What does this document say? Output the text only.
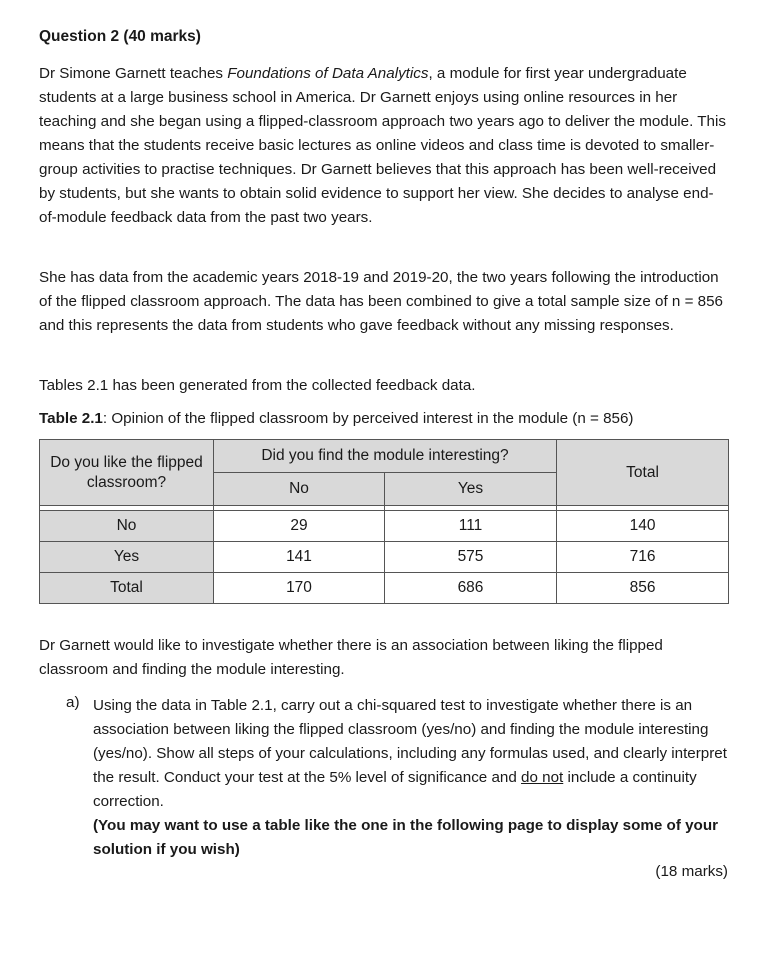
Question 2 (40 marks)
Dr Simone Garnett teaches Foundations of Data Analytics, a module for first year undergraduate students at a large business school in America. Dr Garnett enjoys using online resources in her teaching and she began using a flipped-classroom approach two years ago to deliver the module. This means that the students receive basic lectures as online videos and class time is devoted to smaller-group activities to practise techniques. Dr Garnett believes that this approach has been well-received by students, but she wants to obtain solid evidence to support her view. She decides to analyse end-of-module feedback data from the past two years.
She has data from the academic years 2018-19 and 2019-20, the two years following the introduction of the flipped classroom approach. The data has been combined to give a total sample size of n = 856 and this represents the data from students who gave feedback without any missing responses.
Tables 2.1 has been generated from the collected feedback data.
Table 2.1: Opinion of the flipped classroom by perceived interest in the module (n = 856)
Do you like the flipped classroom?	Did you find the module interesting?		Total
	No	Yes	

No	29	111	140
Yes	141	575	716
Total	170	686	856
Dr Garnett would like to investigate whether there is an association between liking the flipped classroom and finding the module interesting.
a) Using the data in Table 2.1, carry out a chi-squared test to investigate whether there is an association between liking the flipped classroom (yes/no) and finding the module interesting (yes/no). Show all steps of your calculations, including any formulas used, and clearly interpret the result. Conduct your test at the 5% level of significance and do not include a continuity correction.
(You may want to use a table like the one in the following page to display some of your solution if you wish)
(18 marks)
